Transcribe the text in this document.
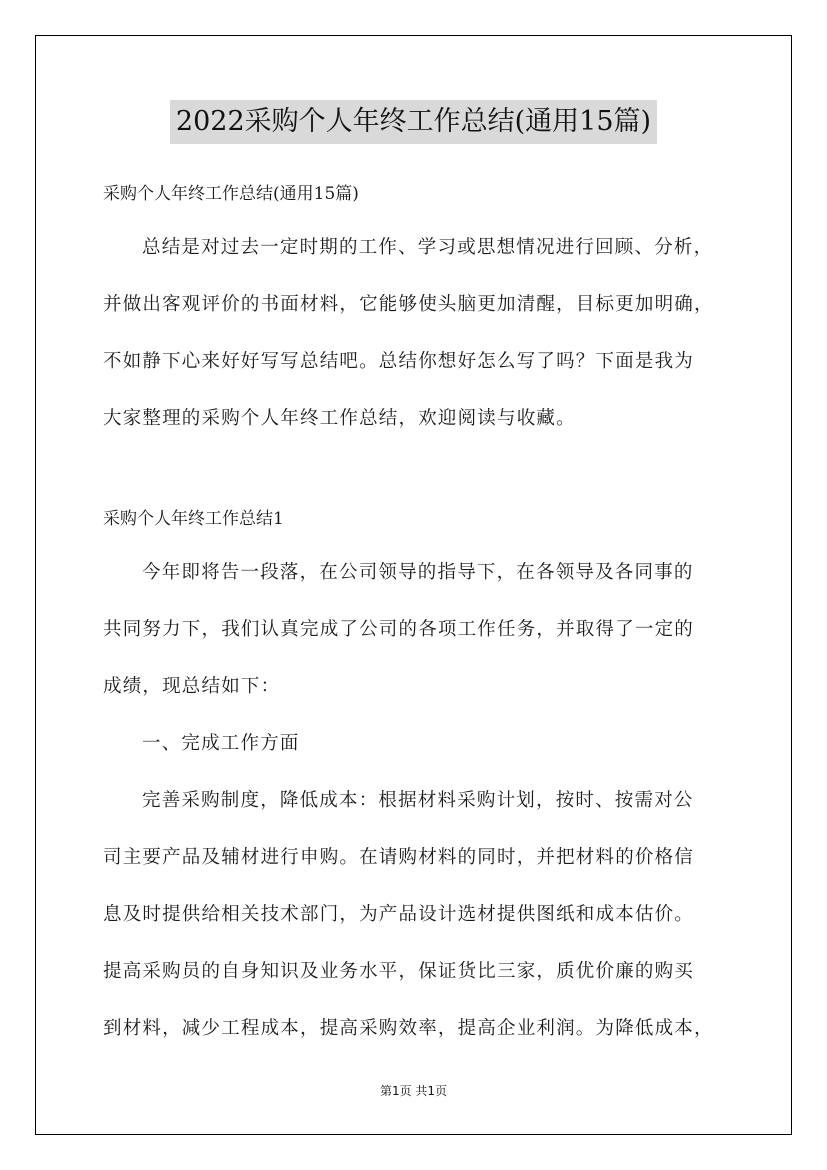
2022采购个人年终工作总结(通用15篇)
采购个人年终工作总结(通用15篇)
总结是对过去一定时期的工作、学习或思想情况进行回顾、分析，
并做出客观评价的书面材料，它能够使头脑更加清醒，目标更加明确，
不如静下心来好好写写总结吧。总结你想好怎么写了吗？下面是我为
大家整理的采购个人年终工作总结，欢迎阅读与收藏。
采购个人年终工作总结1
今年即将告一段落，在公司领导的指导下，在各领导及各同事的
共同努力下，我们认真完成了公司的各项工作任务，并取得了一定的
成绩，现总结如下：
一、完成工作方面
完善采购制度，降低成本：根据材料采购计划，按时、按需对公
司主要产品及辅材进行申购。在请购材料的同时，并把材料的价格信
息及时提供给相关技术部门，为产品设计选材提供图纸和成本估价。
提高采购员的自身知识及业务水平，保证货比三家，质优价廉的购买
到材料，减少工程成本，提高采购效率，提高企业利润。为降低成本，
第1页 共1页
